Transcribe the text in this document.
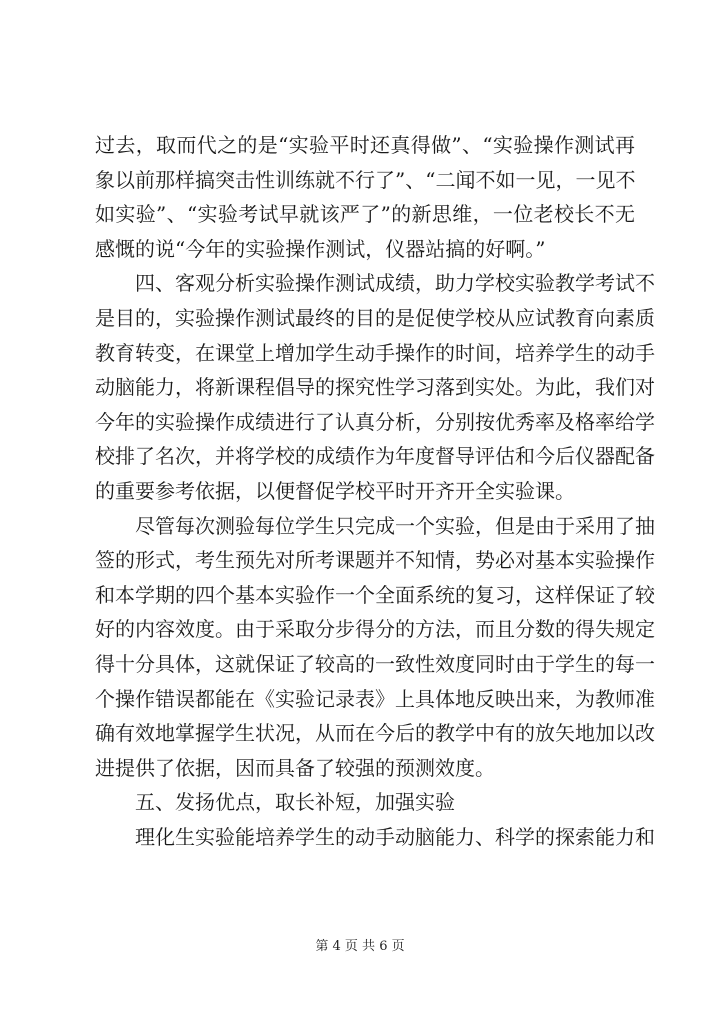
过去，取而代之的是“实验平时还真得做”、“实验操作测试再
象以前那样搞突击性训练就不行了”、“二闻不如一见，一见不
如实验”、“实验考试早就该严了”的新思维，一位老校长不无
感慨的说“今年的实验操作测试，仪器站搞的好啊。”
四、客观分析实验操作测试成绩，助力学校实验教学考试不
是目的，实验操作测试最终的目的是促使学校从应试教育向素质
教育转变，在课堂上增加学生动手操作的时间，培养学生的动手
动脑能力，将新课程倡导的探究性学习落到实处。为此，我们对
今年的实验操作成绩进行了认真分析，分别按优秀率及格率给学
校排了名次，并将学校的成绩作为年度督导评估和今后仪器配备
的重要参考依据，以便督促学校平时开齐开全实验课。
尽管每次测验每位学生只完成一个实验，但是由于采用了抽
签的形式，考生预先对所考课题并不知情，势必对基本实验操作
和本学期的四个基本实验作一个全面系统的复习，这样保证了较
好的内容效度。由于采取分步得分的方法，而且分数的得失规定
得十分具体，这就保证了较高的一致性效度同时由于学生的每一
个操作错误都能在《实验记录表》上具体地反映出来，为教师准
确有效地掌握学生状况，从而在今后的教学中有的放矢地加以改
进提供了依据，因而具备了较强的预测效度。
五、发扬优点，取长补短，加强实验
理化生实验能培养学生的动手动脑能力、科学的探索能力和
第 4 页 共 6 页
